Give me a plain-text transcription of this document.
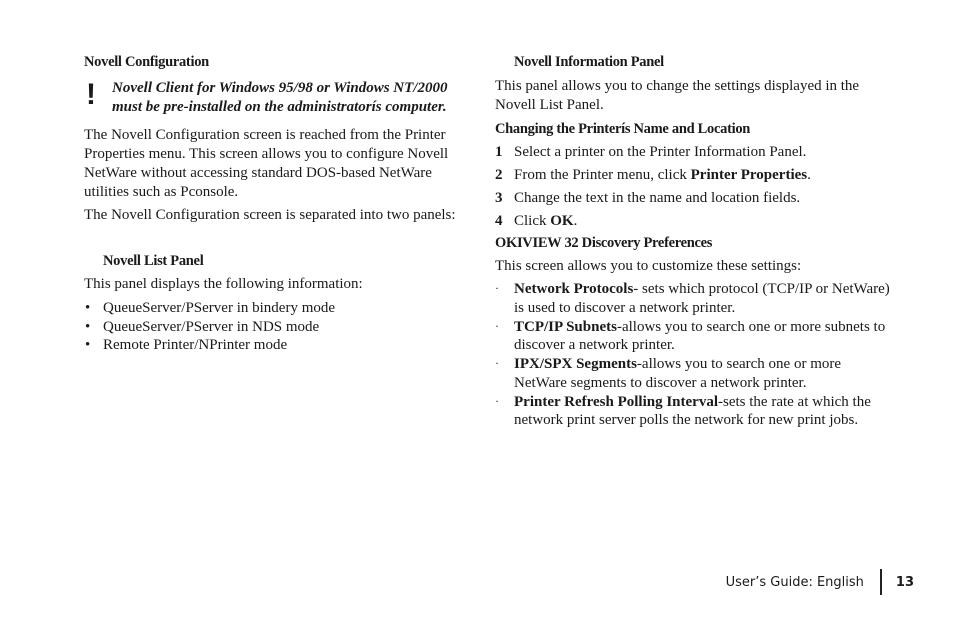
Novell Configuration
! Novell Client for Windows 95/98 or Windows NT/2000
must be pre-installed on the administratorís computer.
The Novell Configuration screen is reached from the Printer Properties menu. This screen allows you to configure Novell NetWare without accessing standard DOS-based NetWare utilities such as Pconsole.
The Novell Configuration screen is separated into two panels:
Novell List Panel
This panel displays the following information:
• QueueServer/PServer in bindery mode
• QueueServer/PServer in NDS mode
• Remote Printer/NPrinter mode
Novell Information Panel
This panel allows you to change the settings displayed in the Novell List Panel.
Changing the Printerís Name and Location
1 Select a printer on the Printer Information Panel.
2 From the Printer menu, click Printer Properties.
3 Change the text in the name and location fields.
4 Click OK.
OKIVIEW 32 Discovery Preferences
This screen allows you to customize these settings:
· Network Protocols- sets which protocol (TCP/IP or NetWare) is used to discover a network printer.
· TCP/IP Subnets-allows you to search one or more subnets to discover a network printer.
· IPX/SPX Segments-allows you to search one or more NetWare segments to discover a network printer.
· Printer Refresh Polling Interval-sets the rate at which the network print server polls the network for new print jobs.
User’s Guide: English 13
